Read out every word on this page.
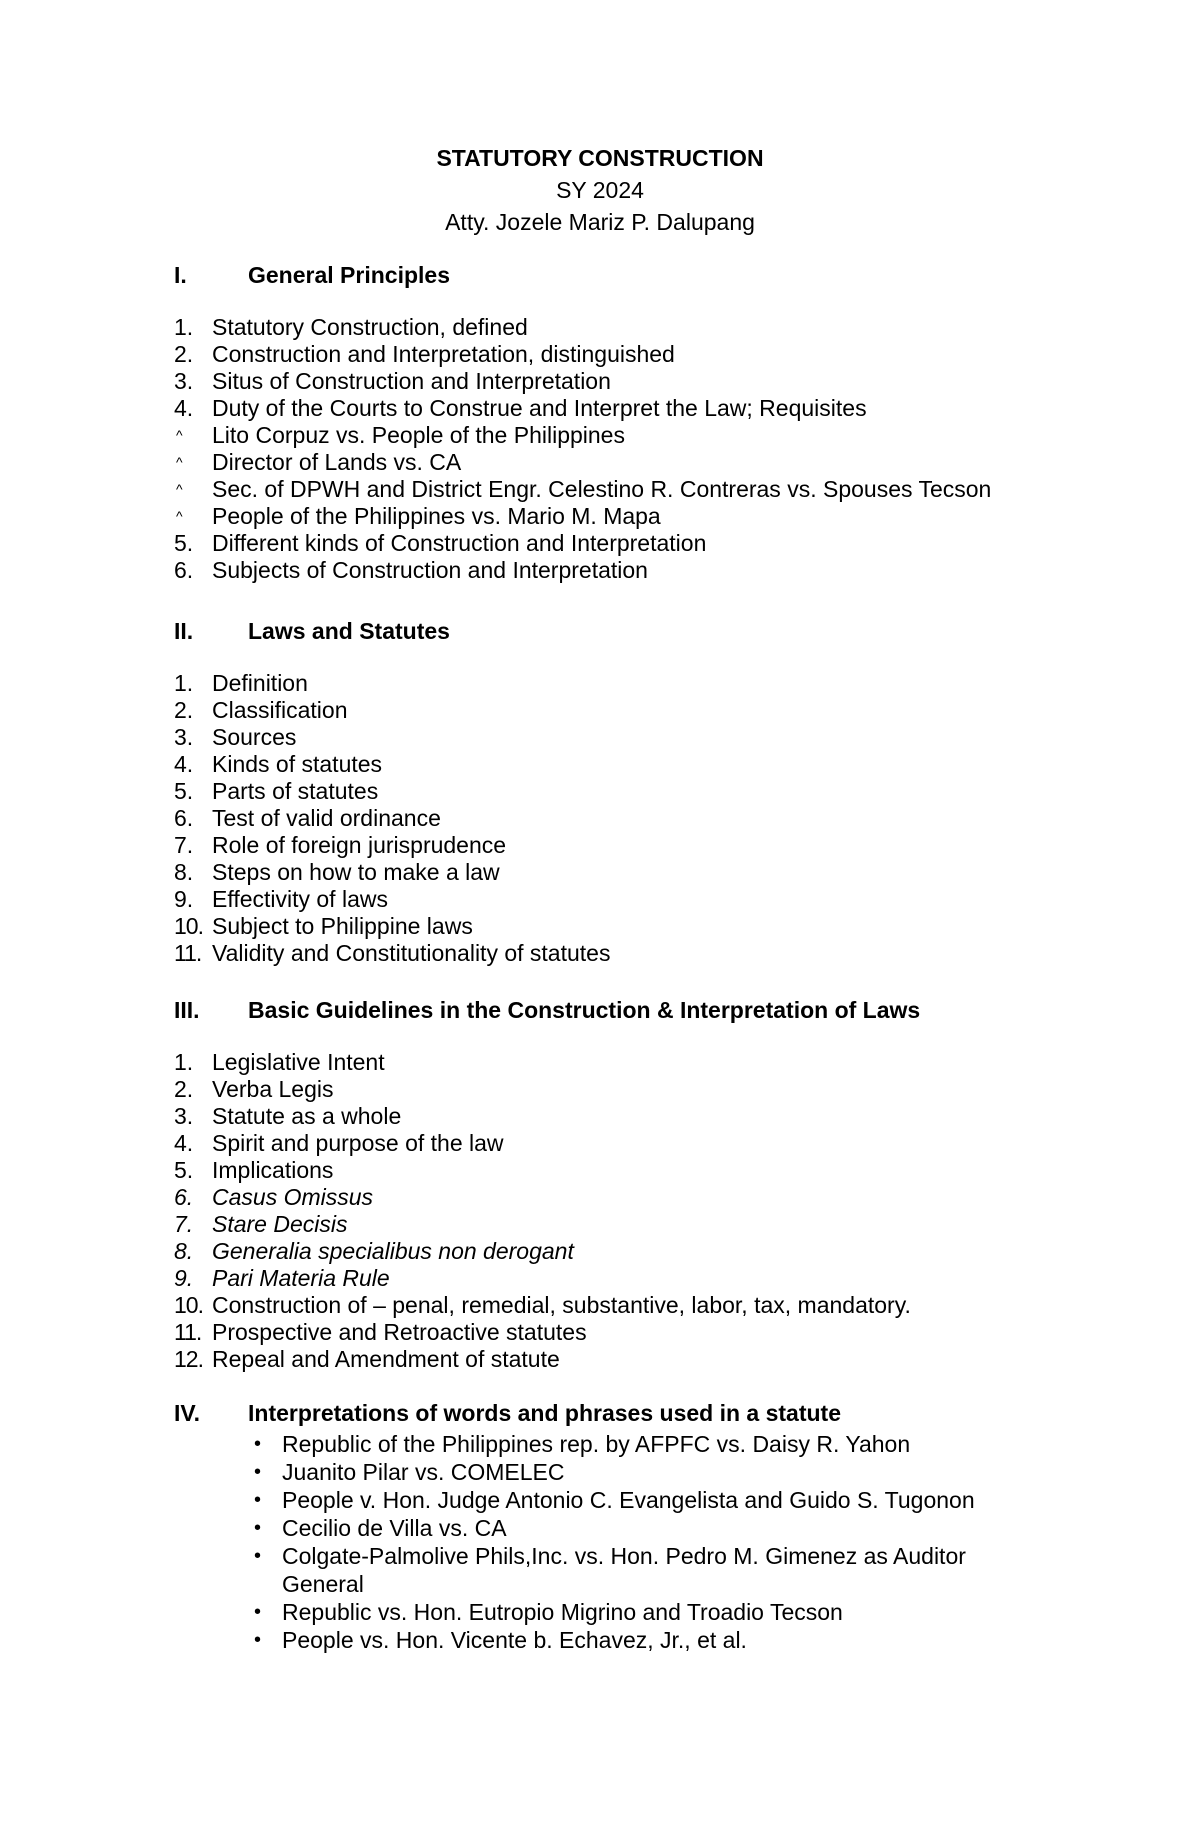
STATUTORY CONSTRUCTION
SY 2024
Atty. Jozele Mariz P. Dalupang
I.	General Principles
1. Statutory Construction, defined
2. Construction and Interpretation, distinguished
3. Situs of Construction and Interpretation
4. Duty of the Courts to Construe and Interpret the Law; Requisites
^ Lito Corpuz vs. People of the Philippines
^ Director of Lands vs. CA
^ Sec. of DPWH and District Engr. Celestino R. Contreras vs. Spouses Tecson
^ People of the Philippines vs. Mario M. Mapa
5. Different kinds of Construction and Interpretation
6. Subjects of Construction and Interpretation
II. Laws and Statutes
1. Definition
2. Classification
3. Sources
4. Kinds of statutes
5. Parts of statutes
6. Test of valid ordinance
7. Role of foreign jurisprudence
8. Steps on how to make a law
9. Effectivity of laws
10. Subject to Philippine laws
11. Validity and Constitutionality of statutes
III. Basic Guidelines in the Construction & Interpretation of Laws
1. Legislative Intent
2. Verba Legis
3. Statute as a whole
4. Spirit and purpose of the law
5. Implications
6. Casus Omissus
7. Stare Decisis
8. Generalia specialibus non derogant
9. Pari Materia Rule
10. Construction of – penal, remedial, substantive, labor, tax, mandatory.
11. Prospective and Retroactive statutes
12. Repeal and Amendment of statute
IV. Interpretations of words and phrases used in a statute
• Republic of the Philippines rep. by AFPFC vs. Daisy R. Yahon
• Juanito Pilar vs. COMELEC
• People v. Hon. Judge Antonio C. Evangelista and Guido S. Tugonon
• Cecilio de Villa vs. CA
• Colgate-Palmolive Phils,Inc. vs. Hon. Pedro M. Gimenez as Auditor General
• Republic vs. Hon. Eutropio Migrino and Troadio Tecson
• People vs. Hon. Vicente b. Echavez, Jr., et al.
